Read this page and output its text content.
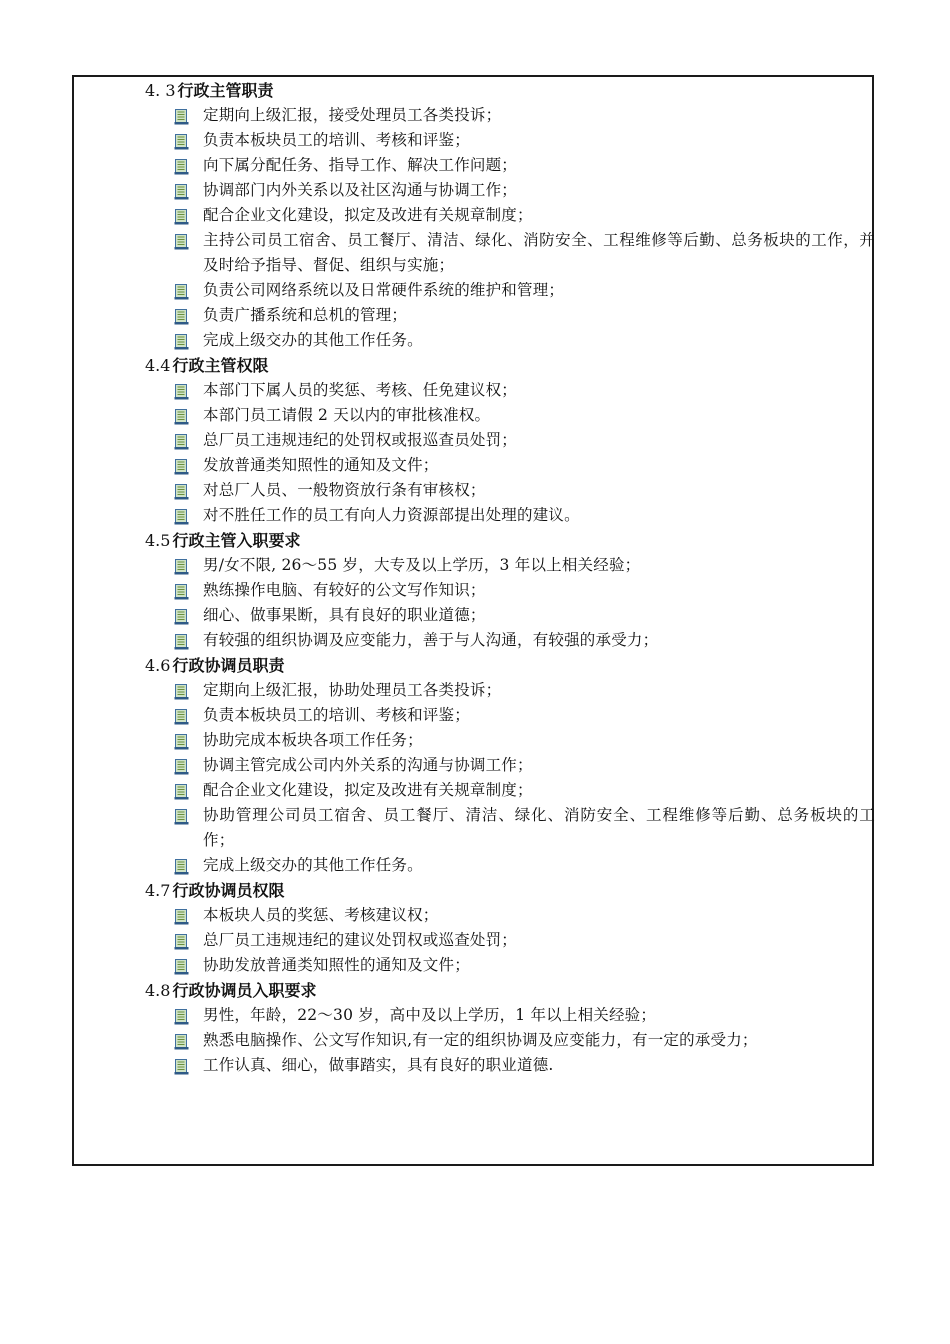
4. 3 行政主管职责
定期向上级汇报，接受处理员工各类投诉；
负责本板块员工的培训、考核和评鉴；
向下属分配任务、指导工作、解决工作问题；
协调部门内外关系以及社区沟通与协调工作；
配合企业文化建设，拟定及改进有关规章制度；
主持公司员工宿舍、员工餐厅、清洁、绿化、消防安全、工程维修等后勤、总务板块的工作，并及时给予指导、督促、组织与实施；
负责公司网络系统以及日常硬件系统的维护和管理；
负责广播系统和总机的管理；
完成上级交办的其他工作任务。
4.4 行政主管权限
本部门下属人员的奖惩、考核、任免建议权；
本部门员工请假 2 天以内的审批核准权。
总厂员工违规违纪的处罚权或报巡查员处罚；
发放普通类知照性的通知及文件；
对总厂人员、一般物资放行条有审核权；
对不胜任工作的员工有向人力资源部提出处理的建议。
4.5 行政主管入职要求
男/女不限, 26～55 岁，大专及以上学历，3 年以上相关经验；
熟练操作电脑、有较好的公文写作知识；
细心、做事果断，具有良好的职业道德；
有较强的组织协调及应变能力，善于与人沟通，有较强的承受力；
4.6 行政协调员职责
定期向上级汇报，协助处理员工各类投诉；
负责本板块员工的培训、考核和评鉴；
协助完成本板块各项工作任务；
协调主管完成公司内外关系的沟通与协调工作；
配合企业文化建设，拟定及改进有关规章制度；
协助管理公司员工宿舍、员工餐厅、清洁、绿化、消防安全、工程维修等后勤、总务板块的工作；
完成上级交办的其他工作任务。
4.7 行政协调员权限
本板块人员的奖惩、考核建议权；
总厂员工违规违纪的建议处罚权或巡查处罚；
协助发放普通类知照性的通知及文件；
4.8 行政协调员入职要求
男性，年龄，22～30 岁，高中及以上学历，1 年以上相关经验；
熟悉电脑操作、公文写作知识,有一定的组织协调及应变能力，有一定的承受力；
工作认真、细心，做事踏实，具有良好的职业道德.
